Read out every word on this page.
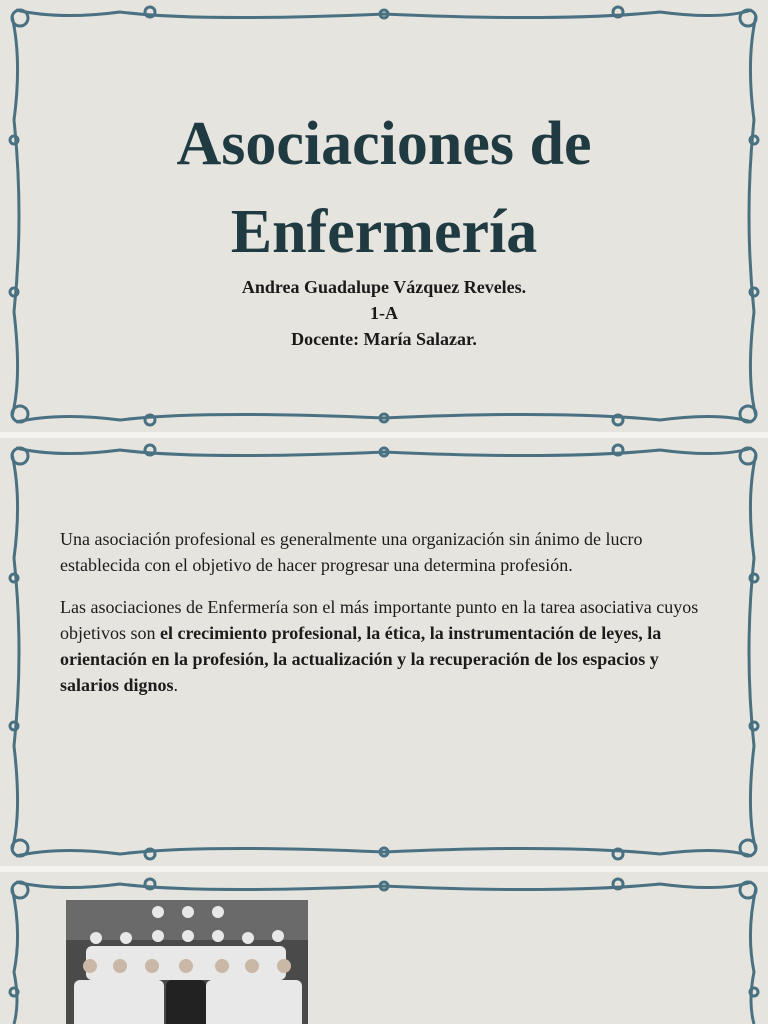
Asociaciones de
Enfermería
Andrea Guadalupe Vázquez Reveles.
1-A
Docente: María Salazar.

Una asociación profesional es generalmente una organización sin ánimo de lucro establecida con el objetivo de hacer progresar una determina profesión.

Las asociaciones de Enfermería son el más importante punto en la tarea asociativa cuyos objetivos son el crecimiento profesional, la ética, la instrumentación de leyes, la orientación en la profesión, la actualización y la recuperación de los espacios y salarios dignos.
